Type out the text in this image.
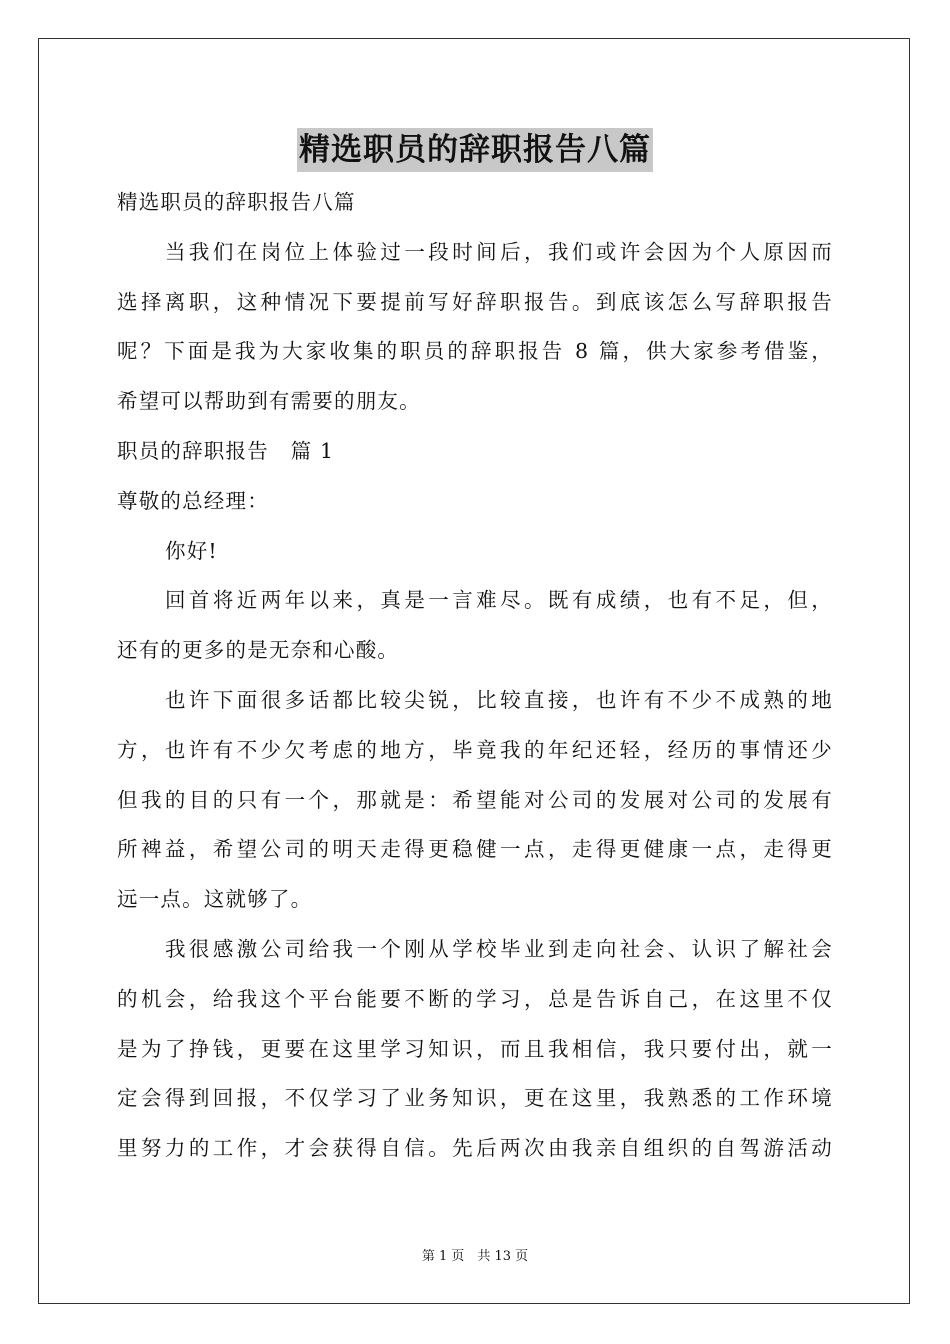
精选职员的辞职报告八篇
精选职员的辞职报告八篇
当我们在岗位上体验过一段时间后，我们或许会因为个人原因而
选择离职，这种情况下要提前写好辞职报告。到底该怎么写辞职报告
呢？下面是我为大家收集的职员的辞职报告 8 篇，供大家参考借鉴，
希望可以帮助到有需要的朋友。
职员的辞职报告　篇 1
尊敬的总经理：
你好!
回首将近两年以来，真是一言难尽。既有成绩，也有不足，但，
还有的更多的是无奈和心酸。
也许下面很多话都比较尖锐，比较直接，也许有不少不成熟的地
方，也许有不少欠考虑的地方，毕竟我的年纪还轻，经历的事情还少
但我的目的只有一个，那就是：希望能对公司的发展对公司的发展有
所裨益，希望公司的明天走得更稳健一点，走得更健康一点，走得更
远一点。这就够了。
我很感激公司给我一个刚从学校毕业到走向社会、认识了解社会
的机会，给我这个平台能要不断的学习，总是告诉自己，在这里不仅
是为了挣钱，更要在这里学习知识，而且我相信，我只要付出，就一
定会得到回报，不仅学习了业务知识，更在这里，我熟悉的工作环境
里努力的工作，才会获得自信。先后两次由我亲自组织的自驾游活动
第 1 页　共 13 页
